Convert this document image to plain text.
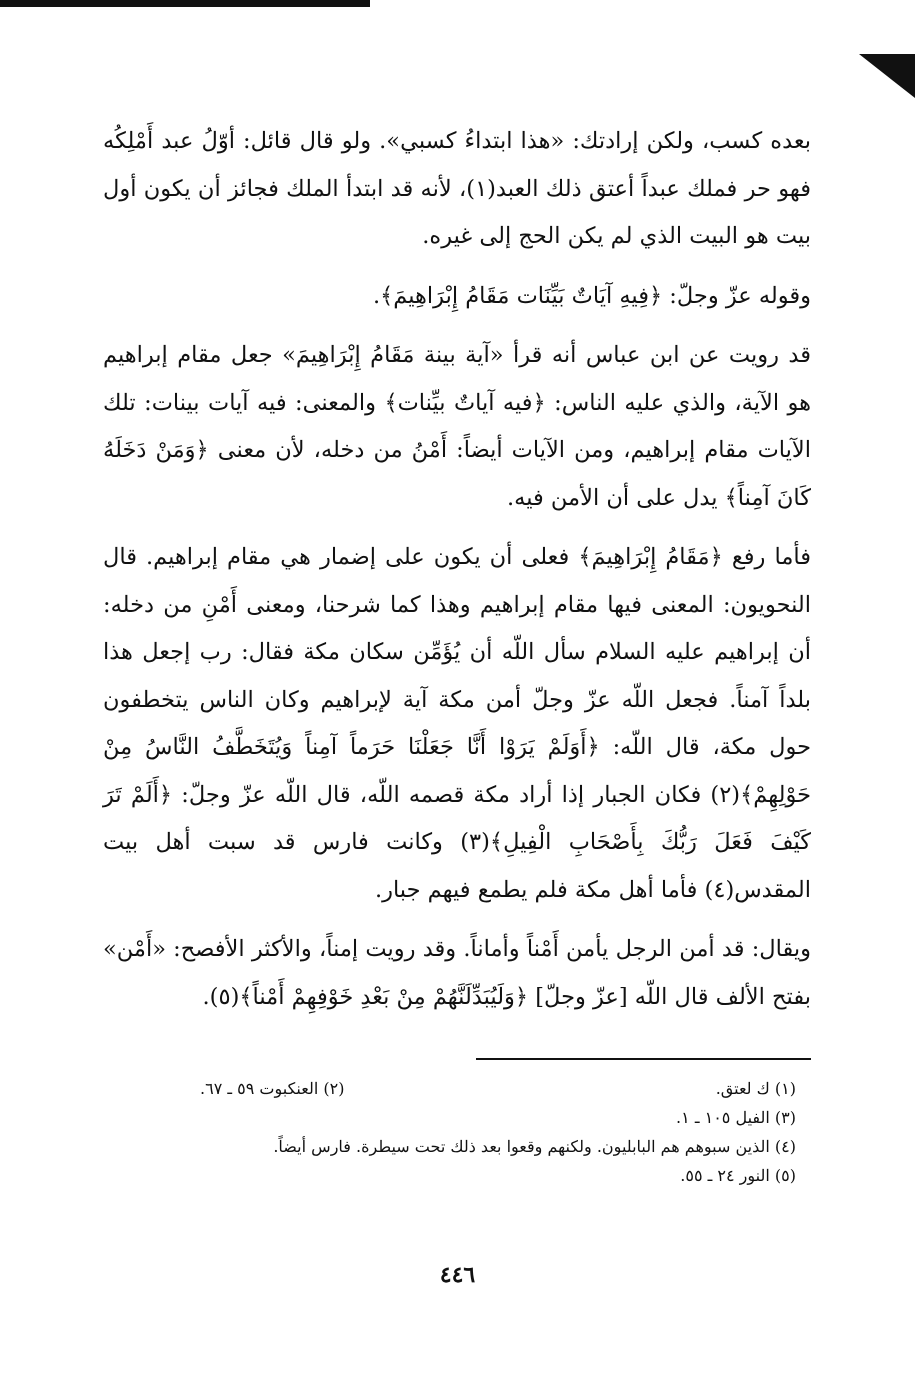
بعده كسب، ولكن إرادتك: «هذا ابتداءُ كسبي». ولو قال قائل: أوّلُ عبد أَمْلِكُه فهو حر فملك عبداً أعتق ذلك العبد(١)، لأنه قد ابتدأ الملك فجائز أن يكون أول بيت هو البيت الذي لم يكن الحج إلى غيره.

وقوله عزّ وجلّ: ﴿فِيهِ آيَاتٌ بَيِّنَات مَقَامُ إِبْرَاهِيمَ﴾.

قد رويت عن ابن عباس أنه قرأ «آية بينة مَقَامُ إِبْرَاهِيمَ» جعل مقام إبراهيم هو الآية، والذي عليه الناس: ﴿فيه آياتٌ بيِّنات﴾ والمعنى: فيه آيات بينات: تلك الآيات مقام إبراهيم، ومن الآيات أيضاً: أَمْنُ من دخله، لأن معنى ﴿وَمَنْ دَخَلَهُ كَانَ آمِناً﴾ يدل على أن الأمن فيه.

فأما رفع ﴿مَقَامُ إِبْرَاهِيمَ﴾ فعلى أن يكون على إضمار هي مقام إبراهيم. قال النحويون: المعنى فيها مقام إبراهيم وهذا كما شرحنا، ومعنى أَمْنِ من دخله: أن إبراهيم عليه السلام سأل اللّه أن يُؤَمِّن سكان مكة فقال: رب إجعل هذا بلداً آمناً. فجعل اللّه عزّ وجلّ أمن مكة آية لإبراهيم وكان الناس يتخطفون حول مكة، قال اللّه: ﴿أَوَلَمْ يَرَوْا أَنَّا جَعَلْنَا حَرَماً آمِناً وَيُتَخَطَّفُ النَّاسُ مِنْ حَوْلِهِمْ﴾(٢) فكان الجبار إذا أراد مكة قصمه اللّه، قال اللّه عزّ وجلّ: ﴿أَلَمْ تَرَ كَيْفَ فَعَلَ رَبُّكَ بِأَصْحَابِ الْفِيلِ﴾(٣) وكانت فارس قد سبت أهل بيت المقدس(٤) فأما أهل مكة فلم يطمع فيهم جبار.

ويقال: قد أمن الرجل يأمن أَمْناً وأماناً. وقد رويت إمناً، والأكثر الأفصح: «أَمْن» بفتح الألف قال اللّه [عزّ وجلّ] ﴿وَلَيُبَدِّلَنَّهُمْ مِنْ بَعْدِ خَوْفِهِمْ أَمْناً﴾(٥).

(١) ك لعتق.
(٢) العنكبوت ٥٩ ـ ٦٧.
(٣) الفيل ١٠٥ ـ ١.
(٤) الذين سبوهم هم البابليون. ولكنهم وقعوا بعد ذلك تحت سيطرة. فارس أيضاً.
(٥) النور ٢٤ ـ ٥٥.
٤٤٦
